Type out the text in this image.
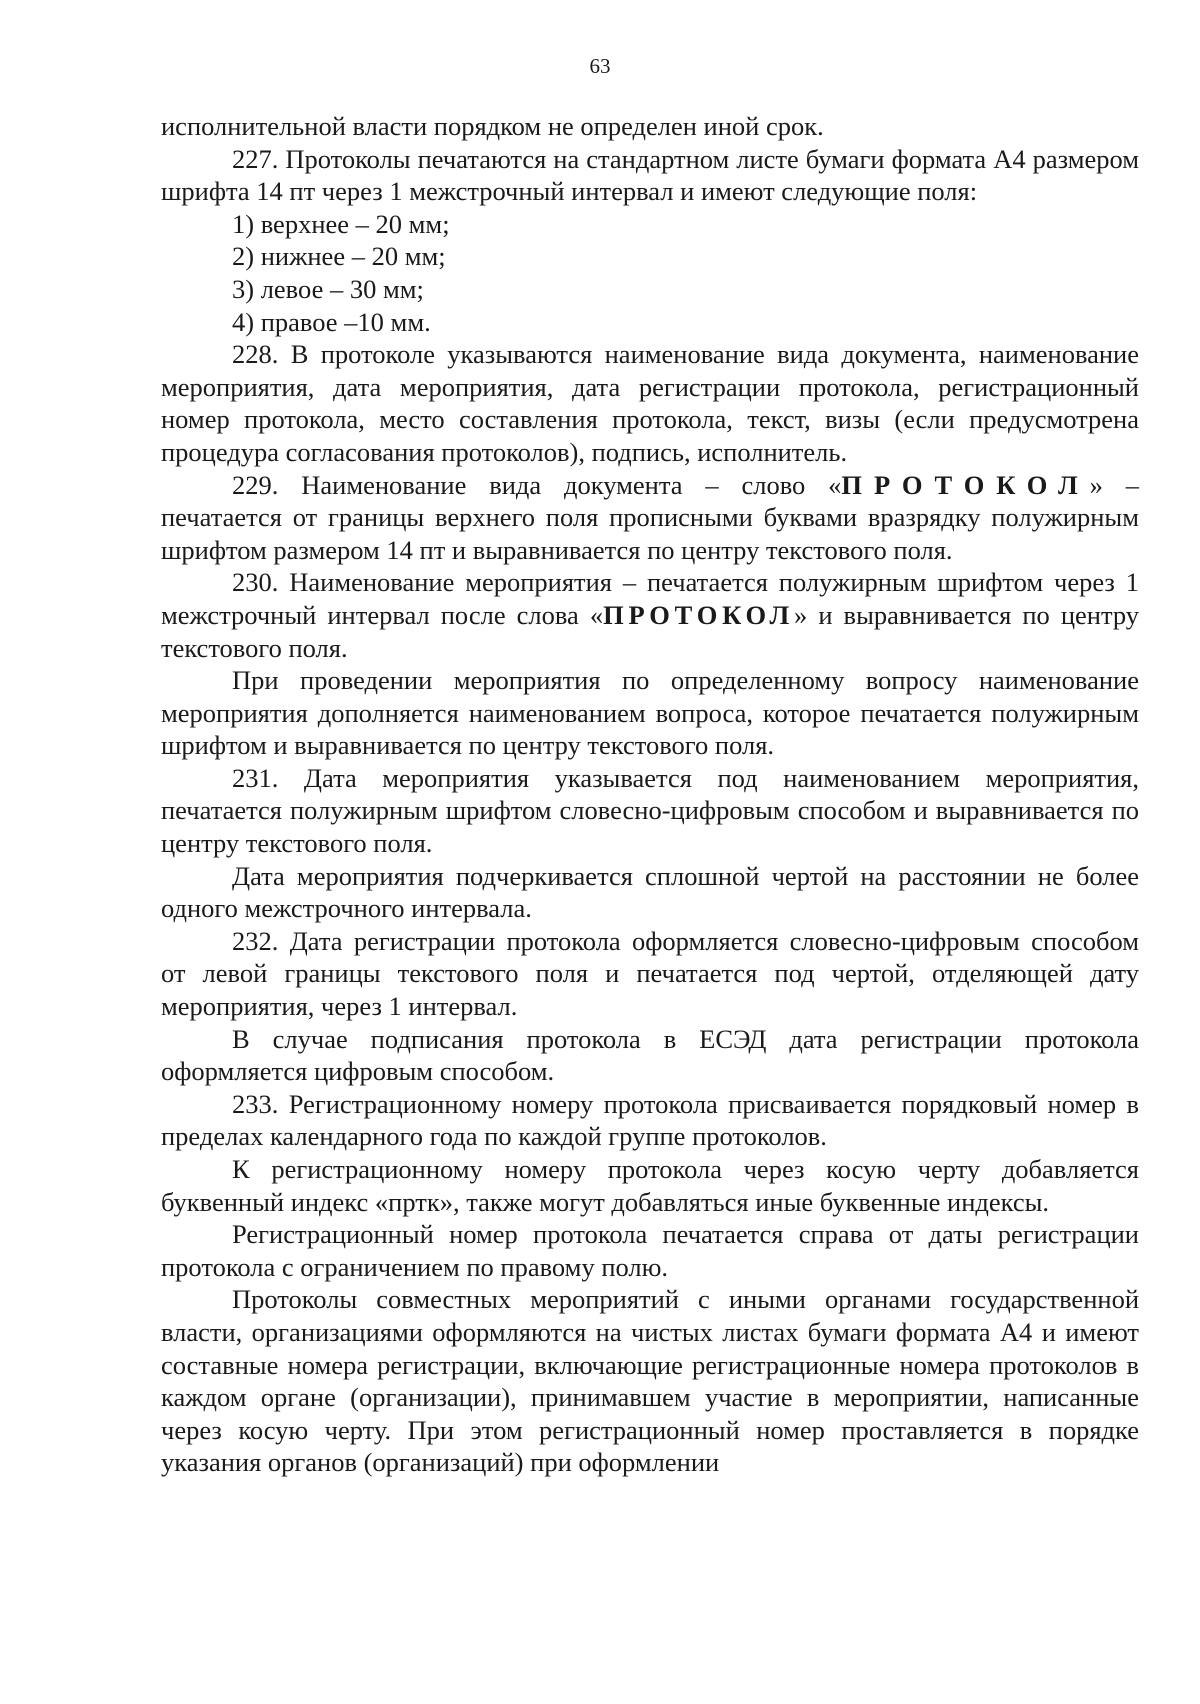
63

исполнительной власти порядком не определен иной срок.

227. Протоколы печатаются на стандартном листе бумаги формата А4 размером шрифта 14 пт через 1 межстрочный интервал и имеют следующие поля:

1) верхнее – 20 мм;

2) нижнее – 20 мм;

3) левое – 30 мм;

4) правое –10 мм.

228. В протоколе указываются наименование вида документа, наименование мероприятия, дата мероприятия, дата регистрации протокола, регистрационный номер протокола, место составления протокола, текст, визы (если предусмотрена процедура согласования протоколов), подпись, исполнитель.

229. Наименование вида документа – слово «ПРОТОКОЛ» – печатается от границы верхнего поля прописными буквами вразрядку полужирным шрифтом размером 14 пт и выравнивается по центру текстового поля.

230. Наименование мероприятия – печатается полужирным шрифтом через 1 межстрочный интервал после слова «ПРОТОКОЛ» и выравнивается по центру текстового поля.

При проведении мероприятия по определенному вопросу наименование мероприятия дополняется наименованием вопроса, которое печатается полужирным шрифтом и выравнивается по центру текстового поля.

231. Дата мероприятия указывается под наименованием мероприятия, печатается полужирным шрифтом словесно-цифровым способом и выравнивается по центру текстового поля.

Дата мероприятия подчеркивается сплошной чертой на расстоянии не более одного межстрочного интервала.

232. Дата регистрации протокола оформляется словесно-цифровым способом от левой границы текстового поля и печатается под чертой, отделяющей дату мероприятия, через 1 интервал.

В случае подписания протокола в ЕСЭД дата регистрации протокола оформляется цифровым способом.

233. Регистрационному номеру протокола присваивается порядковый номер в пределах календарного года по каждой группе протоколов.

К регистрационному номеру протокола через косую черту добавляется буквенный индекс «пртк», также могут добавляться иные буквенные индексы.

Регистрационный номер протокола печатается справа от даты регистрации протокола с ограничением по правому полю.

Протоколы совместных мероприятий с иными органами государственной власти, организациями оформляются на чистых листах бумаги формата А4 и имеют составные номера регистрации, включающие регистрационные номера протоколов в каждом органе (организации), принимавшем участие в мероприятии, написанные через косую черту. При этом регистрационный номер проставляется в порядке указания органов (организаций) при оформлении
